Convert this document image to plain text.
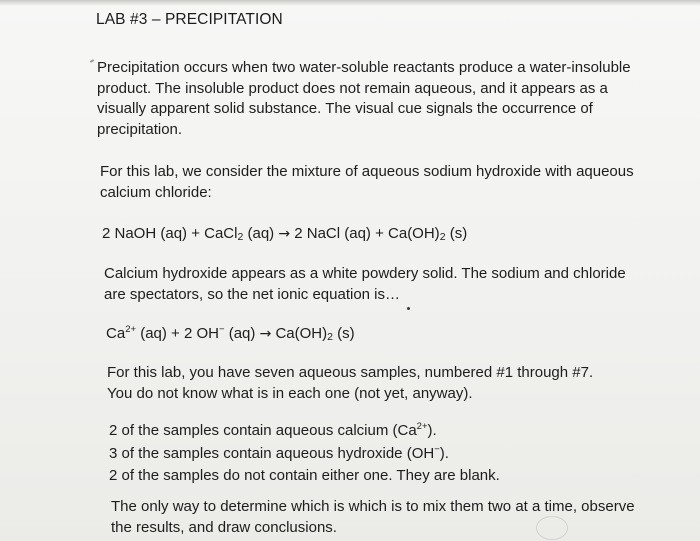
LAB #3 – PRECIPITATION
Precipitation occurs when two water-soluble reactants produce a water-insoluble
product. The insoluble product does not remain aqueous, and it appears as a
visually apparent solid substance. The visual cue signals the occurrence of
precipitation.
For this lab, we consider the mixture of aqueous sodium hydroxide with aqueous
calcium chloride:
2 NaOH (aq) + CaCl2 (aq) → 2 NaCl (aq) + Ca(OH)2 (s)
Calcium hydroxide appears as a white powdery solid. The sodium and chloride
are spectators, so the net ionic equation is…
$Ca^{2+}$ (aq) + 2 OH− (aq) → Ca(OH)2 (s)
For this lab, you have seven aqueous samples, numbered #1 through #7.
You do not know what is in each one (not yet, anyway).
2 of the samples contain aqueous calcium $(Ca^{2+})$.
3 of the samples contain aqueous hydroxide (OH−).
2 of the samples do not contain either one. They are blank.
The only way to determine which is which is to mix them two at a time, observe
the results, and draw conclusions.
